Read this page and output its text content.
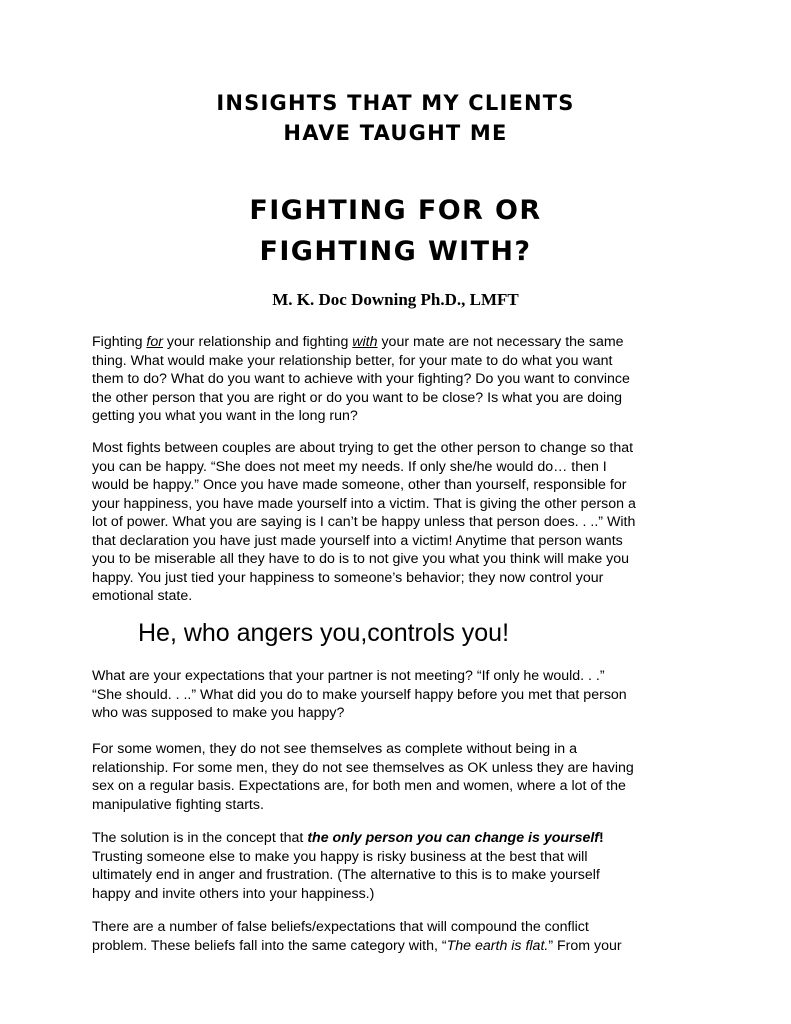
INSIGHTS THAT MY CLIENTS
HAVE TAUGHT ME
FIGHTING FOR OR
FIGHTING WITH?
M. K. Doc Downing Ph.D., LMFT
Fighting for your relationship and fighting with your mate are not necessary the same
thing. What would make your relationship better, for your mate to do what you want
them to do? What do you want to achieve with your fighting? Do you want to convince
the other person that you are right or do you want to be close? Is what you are doing
getting you what you want in the long run?
Most fights between couples are about trying to get the other person to change so that
you can be happy. “She does not meet my needs. If only she/he would do… then I
would be happy.” Once you have made someone, other than yourself, responsible for
your happiness, you have made yourself into a victim. That is giving the other person a
lot of power. What you are saying is I can’t be happy unless that person does. . ..” With
that declaration you have just made yourself into a victim! Anytime that person wants
you to be miserable all they have to do is to not give you what you think will make you
happy. You just tied your happiness to someone’s behavior; they now control your
emotional state.
He, who angers you,controls you!
What are your expectations that your partner is not meeting? “If only he would. . .”
“She should. . ..” What did you do to make yourself happy before you met that person
who was supposed to make you happy?
For some women, they do not see themselves as complete without being in a
relationship. For some men, they do not see themselves as OK unless they are having
sex on a regular basis. Expectations are, for both men and women, where a lot of the
manipulative fighting starts.
The solution is in the concept that the only person you can change is yourself!
Trusting someone else to make you happy is risky business at the best that will
ultimately end in anger and frustration. (The alternative to this is to make yourself
happy and invite others into your happiness.)
There are a number of false beliefs/expectations that will compound the conflict
problem. These beliefs fall into the same category with, “The earth is flat.” From your
